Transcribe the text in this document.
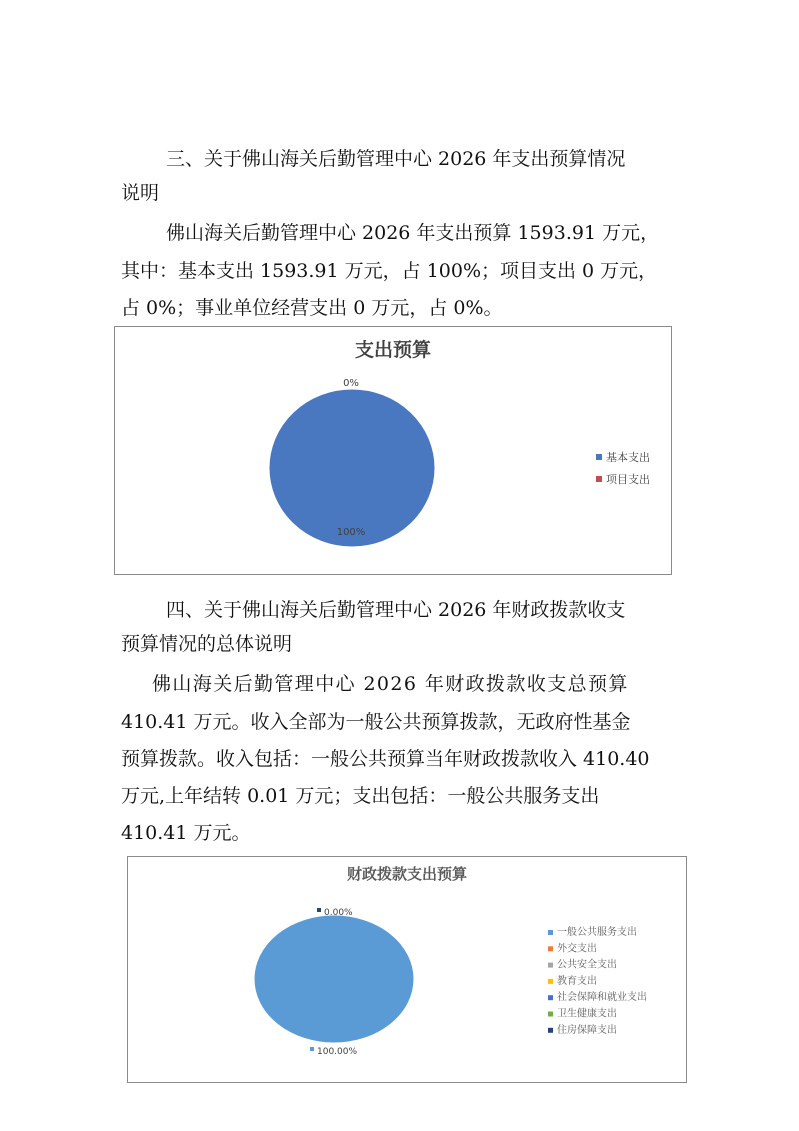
三、关于佛山海关后勤管理中心 2026 年支出预算情况

说明

佛山海关后勤管理中心 2026 年支出预算 1593.91 万元，

其中：基本支出 1593.91 万元，占 100%；项目支出 0 万元，

占 0%；事业单位经营支出 0 万元，占 0%。

支出预算
0%
100%
基本支出
项目支出

四、关于佛山海关后勤管理中心 2026 年财政拨款收支

预算情况的总体说明

佛山海关后勤管理中心 2026 年财政拨款收支总预算

410.41 万元。收入全部为一般公共预算拨款，无政府性基金

预算拨款。收入包括：一般公共预算当年财政拨款收入 410.40

万元,上年结转 0.01 万元；支出包括：一般公共服务支出

410.41 万元。

财政拨款支出预算
0.00%
100.00%
一般公共服务支出
外交支出
公共安全支出
教育支出
社会保障和就业支出
卫生健康支出
住房保障支出
